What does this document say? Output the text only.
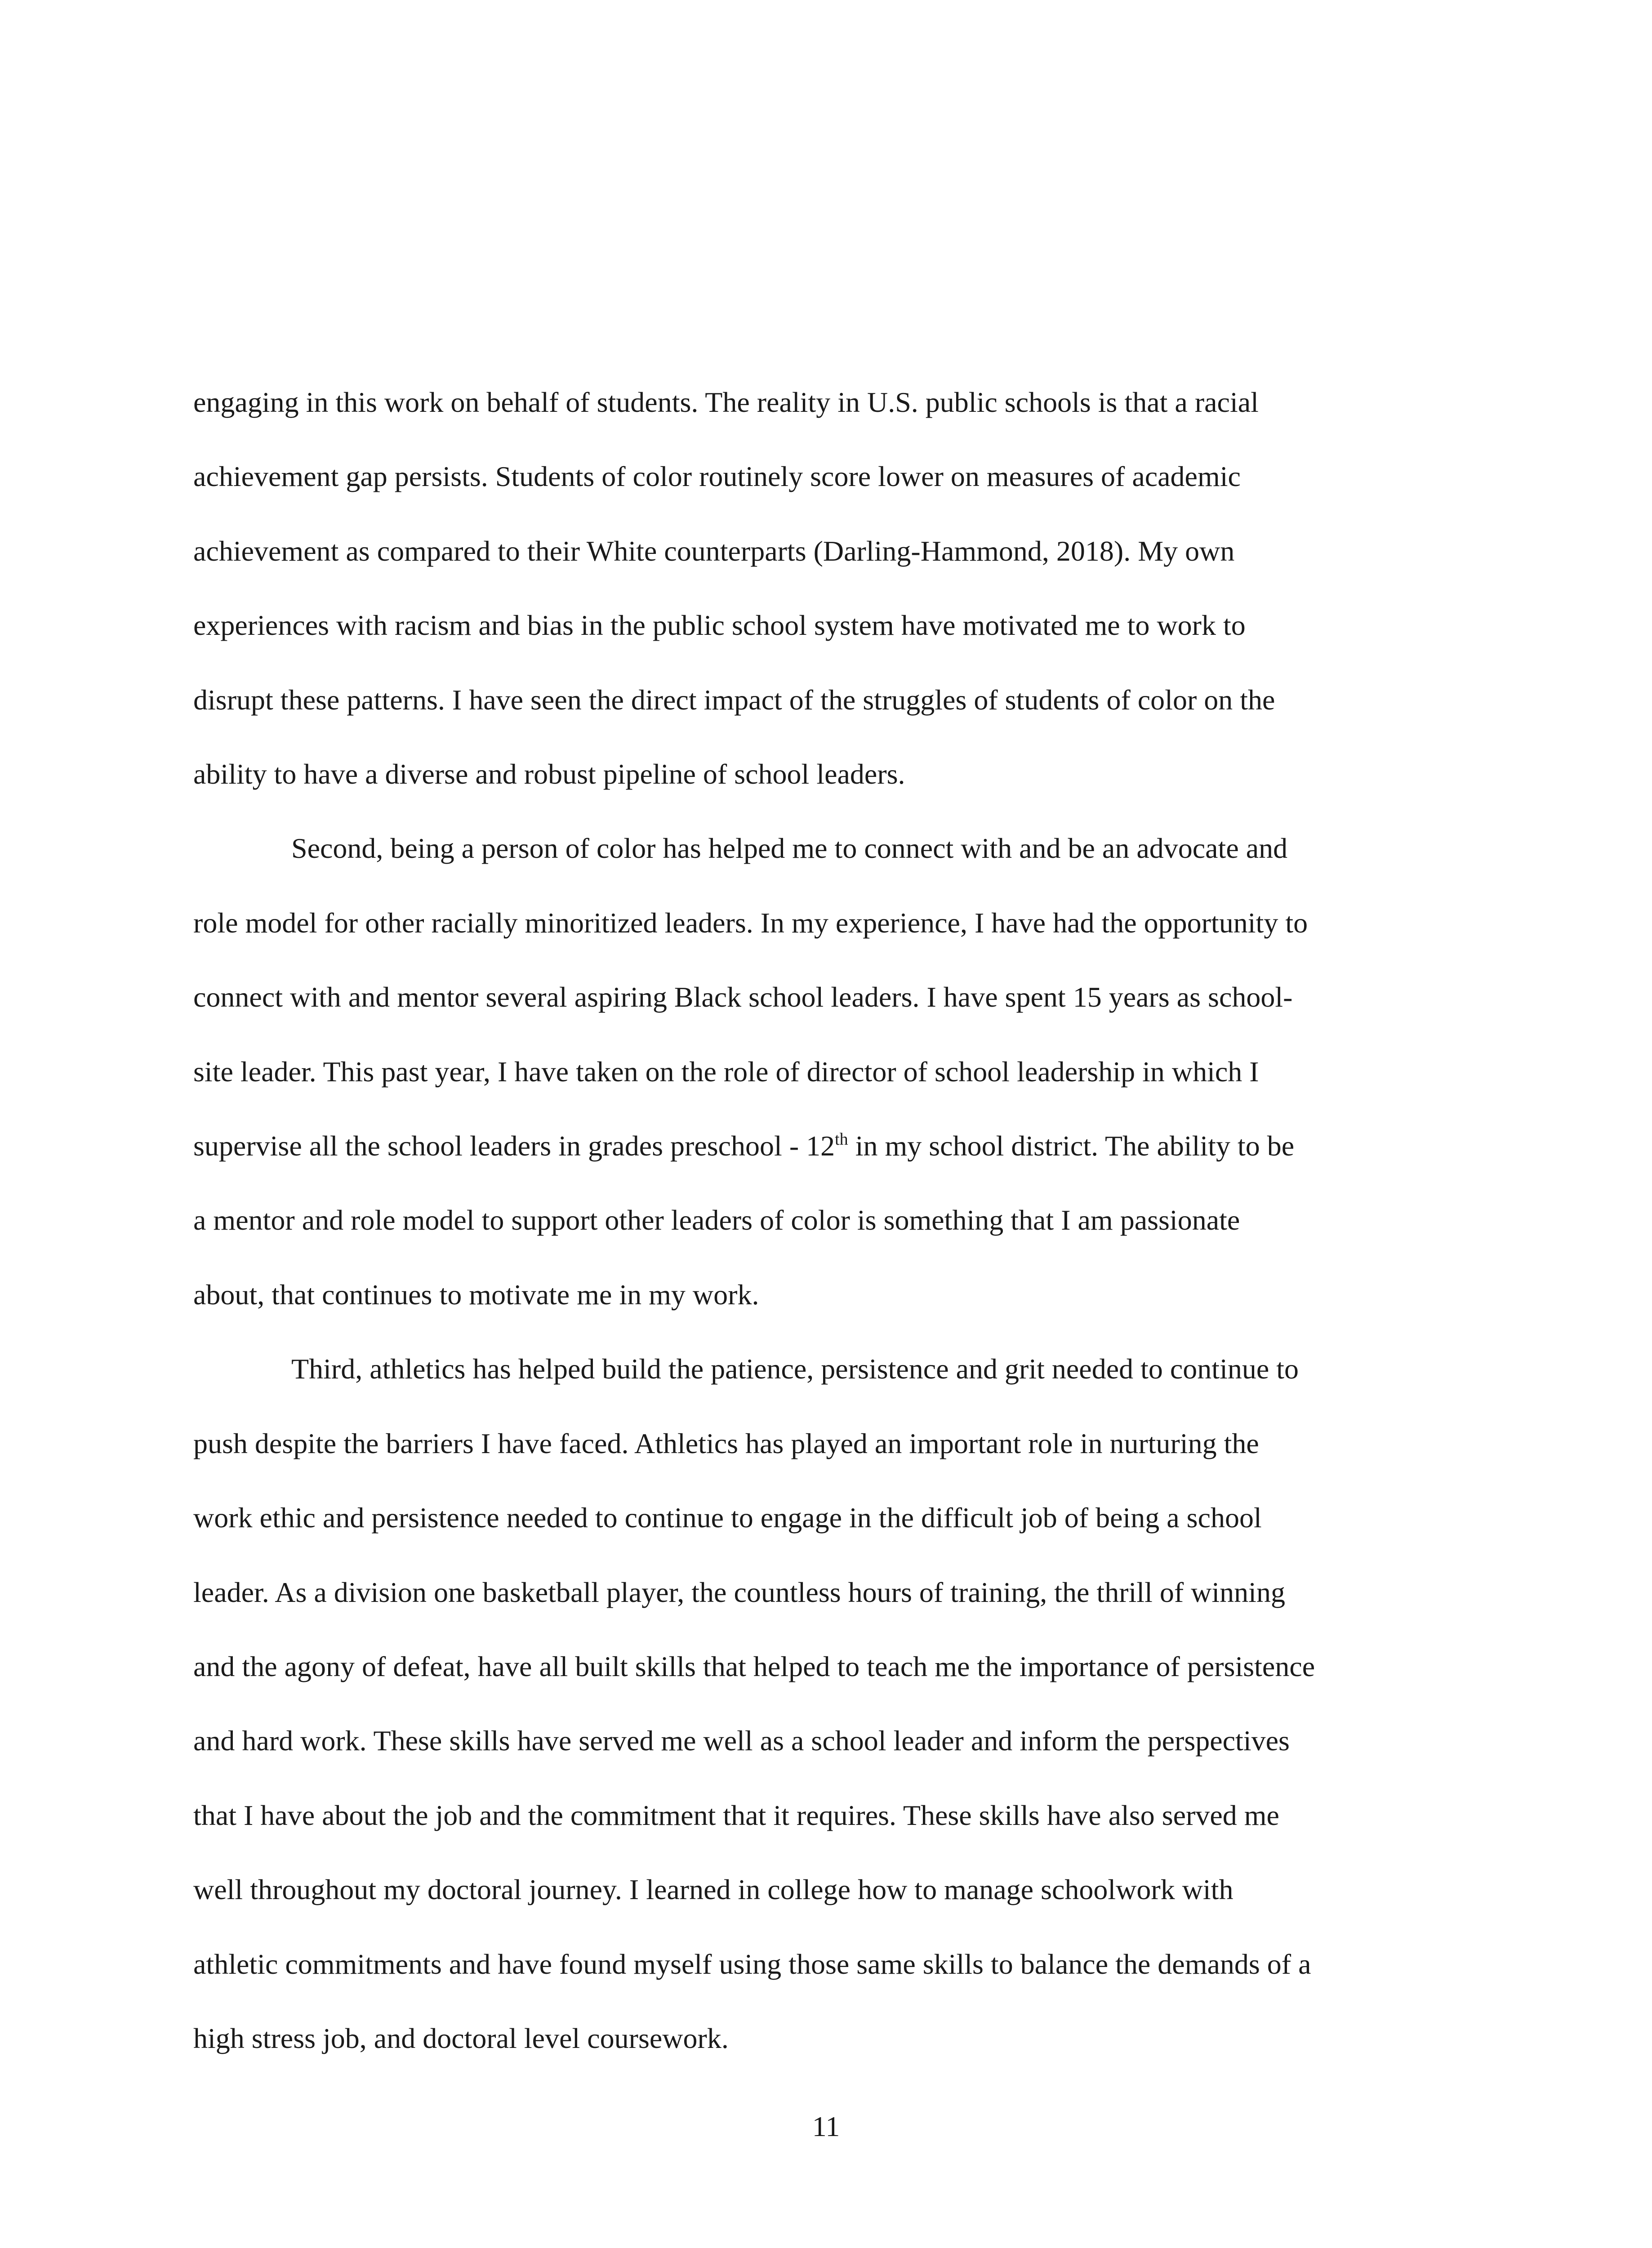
engaging in this work on behalf of students. The reality in U.S. public schools is that a racial
achievement gap persists. Students of color routinely score lower on measures of academic
achievement as compared to their White counterparts (Darling-Hammond, 2018). My own
experiences with racism and bias in the public school system have motivated me to work to
disrupt these patterns. I have seen the direct impact of the struggles of students of color on the
ability to have a diverse and robust pipeline of school leaders.

Second, being a person of color has helped me to connect with and be an advocate and
role model for other racially minoritized leaders. In my experience, I have had the opportunity to
connect with and mentor several aspiring Black school leaders. I have spent 15 years as school-
site leader. This past year, I have taken on the role of director of school leadership in which I
supervise all the school leaders in grades preschool - 12th in my school district. The ability to be
a mentor and role model to support other leaders of color is something that I am passionate
about, that continues to motivate me in my work.

Third, athletics has helped build the patience, persistence and grit needed to continue to
push despite the barriers I have faced. Athletics has played an important role in nurturing the
work ethic and persistence needed to continue to engage in the difficult job of being a school
leader. As a division one basketball player, the countless hours of training, the thrill of winning
and the agony of defeat, have all built skills that helped to teach me the importance of persistence
and hard work. These skills have served me well as a school leader and inform the perspectives
that I have about the job and the commitment that it requires. These skills have also served me
well throughout my doctoral journey. I learned in college how to manage schoolwork with
athletic commitments and have found myself using those same skills to balance the demands of a
high stress job, and doctoral level coursework.

11
